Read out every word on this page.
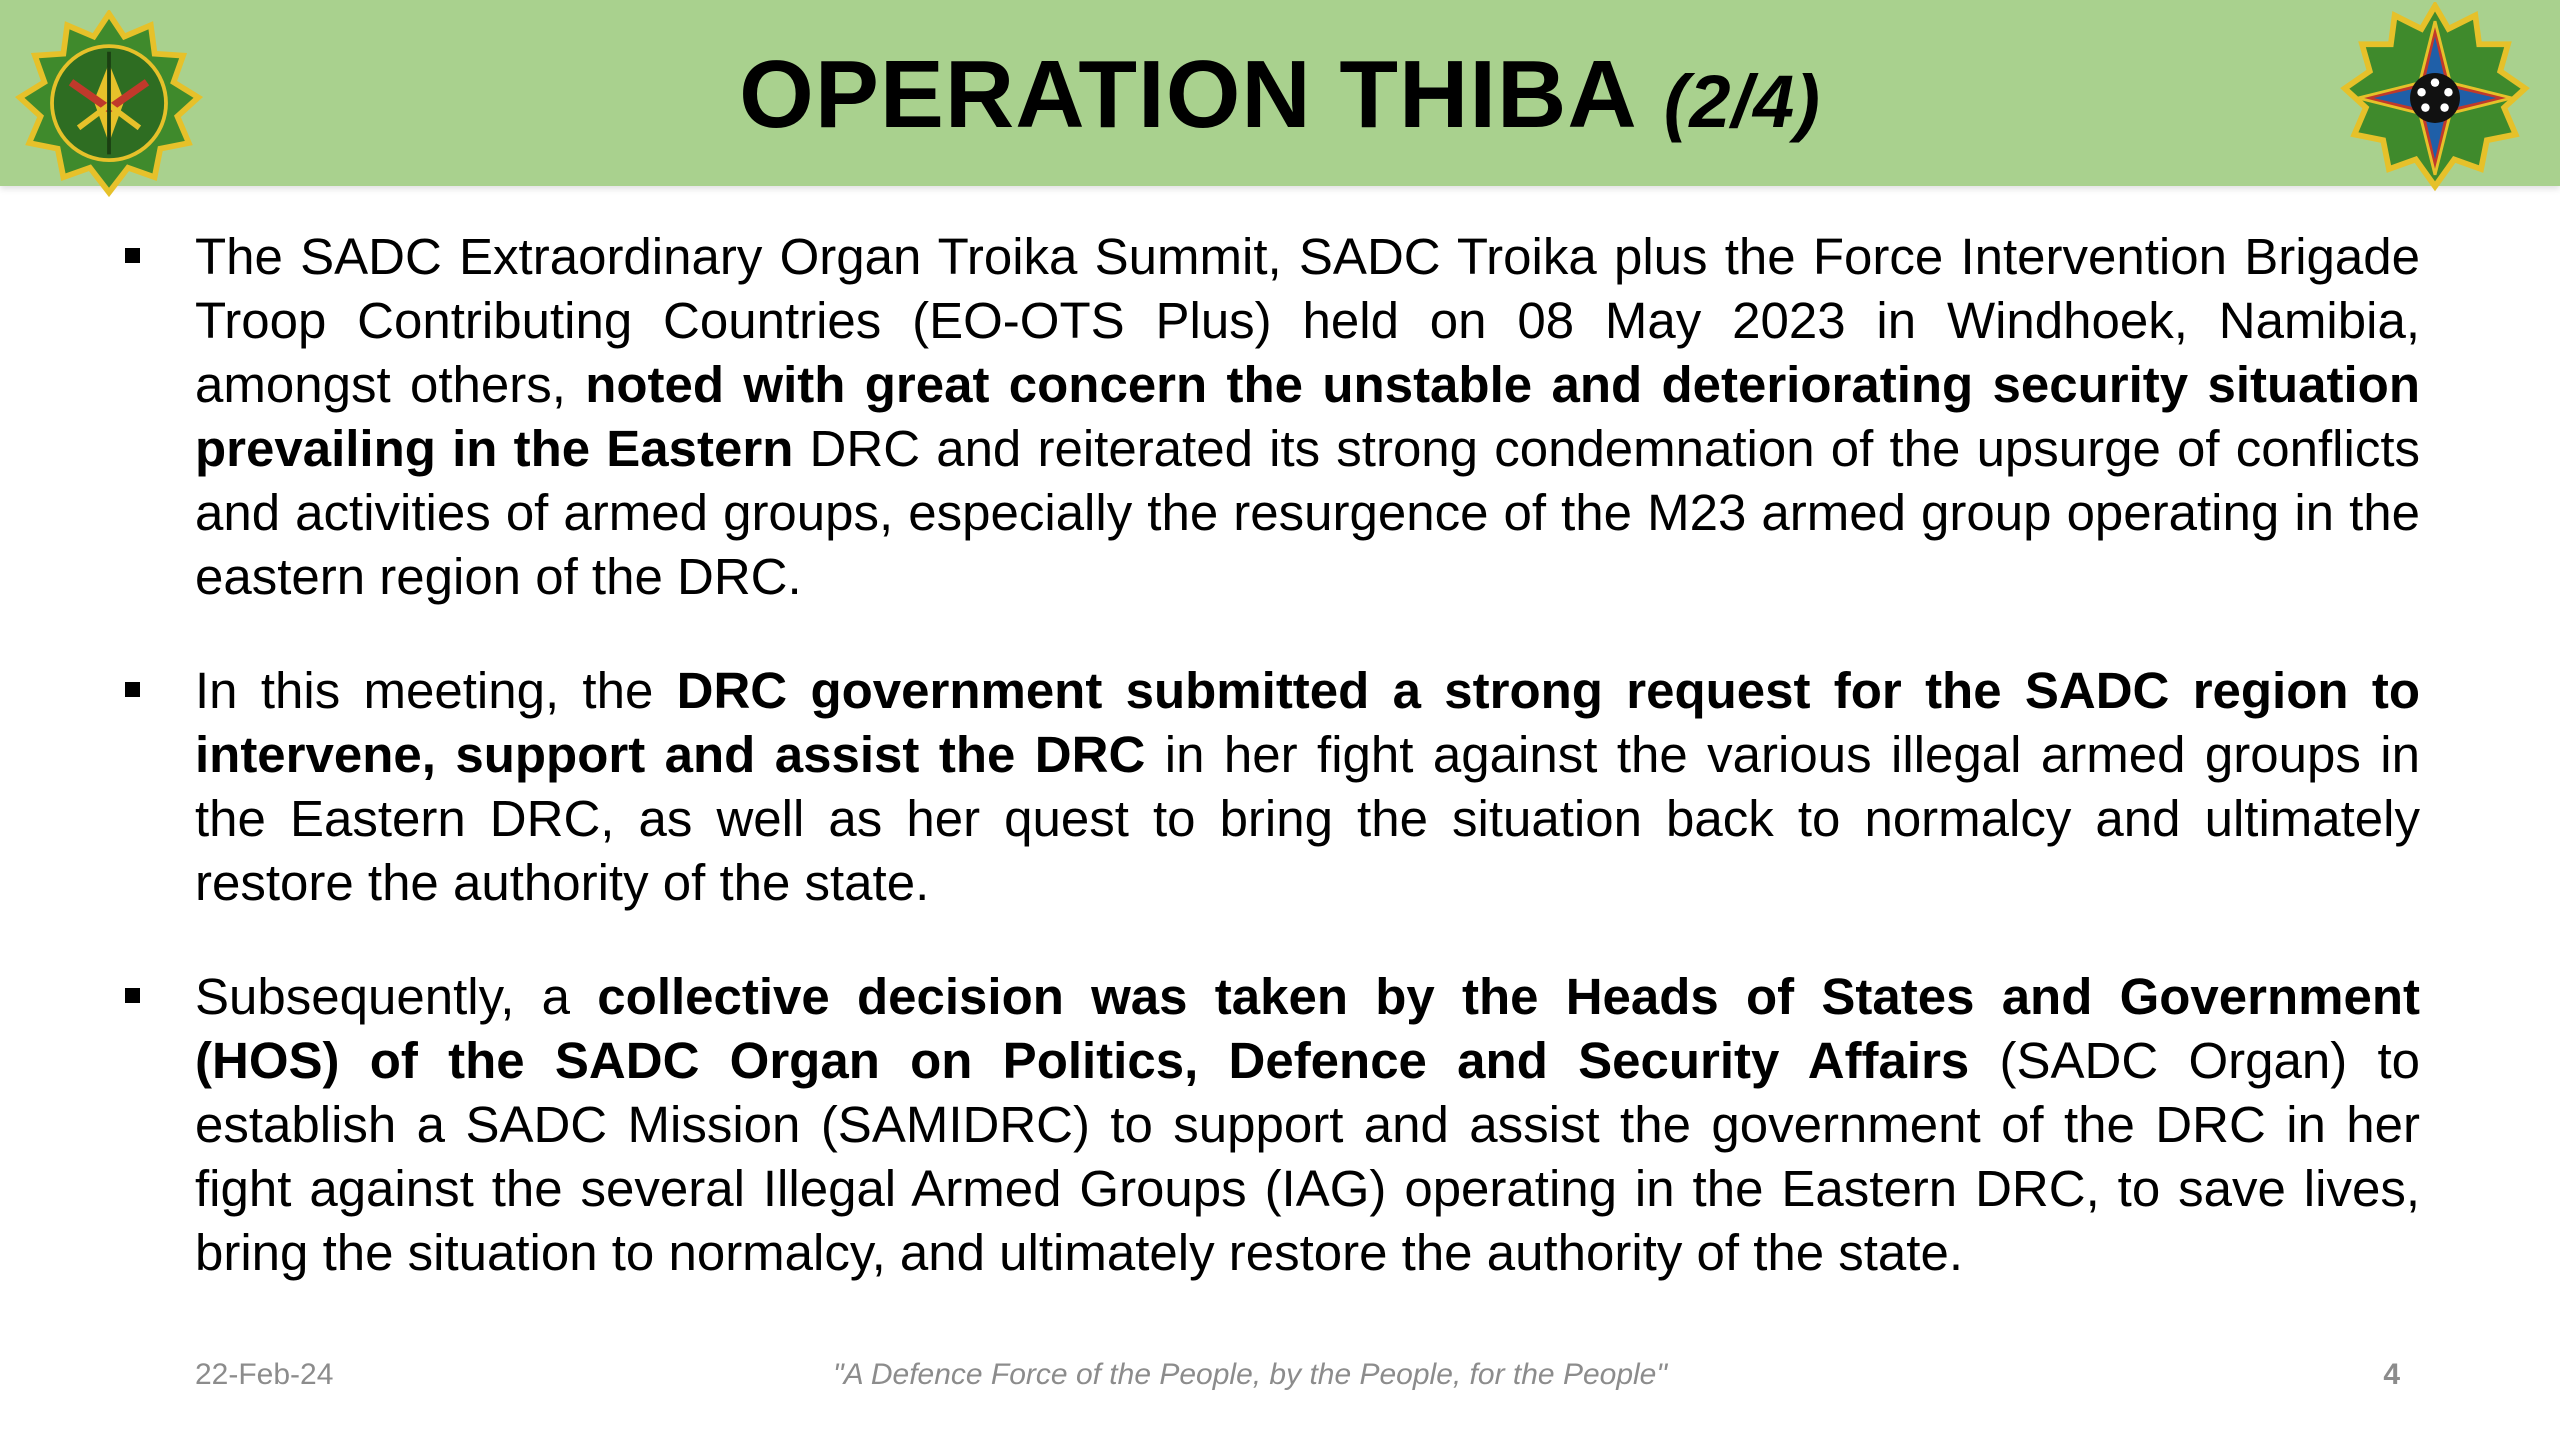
OPERATION THIBA (2/4)
The SADC Extraordinary Organ Troika Summit, SADC Troika plus the Force Intervention Brigade Troop Contributing Countries (EO-OTS Plus) held on 08 May 2023 in Windhoek, Namibia, amongst others, noted with great concern the unstable and deteriorating security situation prevailing in the Eastern DRC and reiterated its strong condemnation of the upsurge of conflicts and activities of armed groups, especially the resurgence of the M23 armed group operating in the eastern region of the DRC.
In this meeting, the DRC government submitted a strong request for the SADC region to intervene, support and assist the DRC in her fight against the various illegal armed groups in the Eastern DRC, as well as her quest to bring the situation back to normalcy and ultimately restore the authority of the state.
Subsequently, a collective decision was taken by the Heads of States and Government (HOS) of the SADC Organ on Politics, Defence and Security Affairs (SADC Organ) to establish a SADC Mission (SAMIDRC) to support and assist the government of the DRC in her fight against the several Illegal Armed Groups (IAG) operating in the Eastern DRC, to save lives, bring the situation to normalcy, and ultimately restore the authority of the state.
22-Feb-24	"A Defence Force of the People, by the People, for the People"	4
